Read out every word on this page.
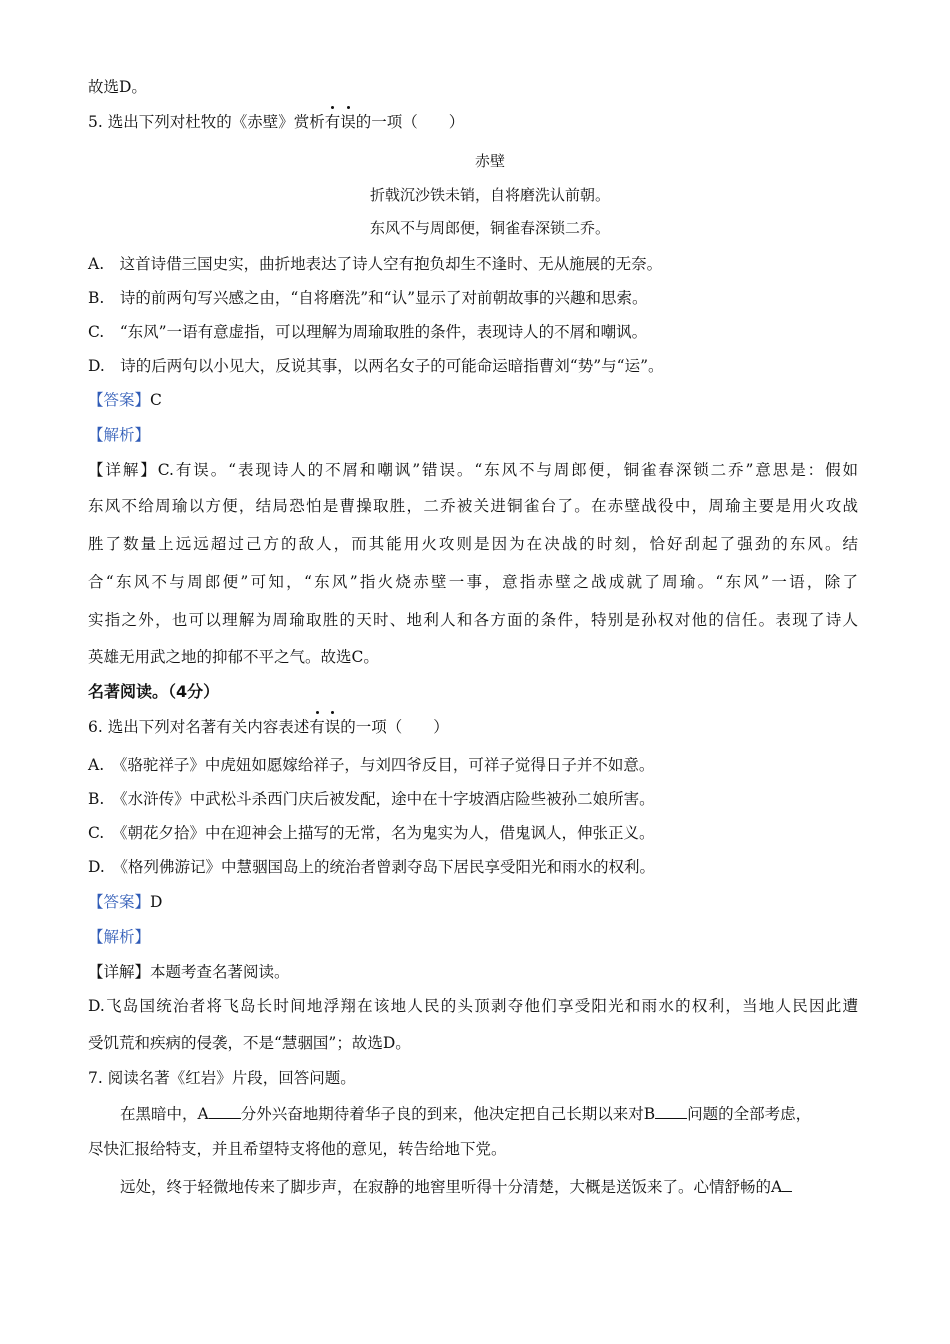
故选D。
5. 选出下列对杜牧的《赤壁》赏析有误的一项（　　）
赤壁
折戟沉沙铁未销，自将磨洗认前朝。
东风不与周郎便，铜雀春深锁二乔。
A.　这首诗借三国史实，曲折地表达了诗人空有抱负却生不逢时、无从施展的无奈。
B.　诗的前两句写兴感之由，“自将磨洗”和“认”显示了对前朝故事的兴趣和思索。
C.　“东风”一语有意虚指，可以理解为周瑜取胜的条件，表现诗人的不屑和嘲讽。
D.　诗的后两句以小见大，反说其事，以两名女子的可能命运暗指曹刘“势”与“运”。
【答案】C
【解析】
【详解】C.有误。“表现诗人的不屑和嘲讽”错误。“东风不与周郎便，铜雀春深锁二乔”意思是：假如
东风不给周瑜以方便，结局恐怕是曹操取胜，二乔被关进铜雀台了。在赤壁战役中，周瑜主要是用火攻战
胜了数量上远远超过己方的敌人，而其能用火攻则是因为在决战的时刻，恰好刮起了强劲的东风。结
合“东风不与周郎便”可知，“东风”指火烧赤壁一事，意指赤壁之战成就了周瑜。“东风”一语，除了
实指之外，也可以理解为周瑜取胜的天时、地利人和各方面的条件，特别是孙权对他的信任。表现了诗人
英雄无用武之地的抑郁不平之气。故选C。
名著阅读。（4分）
6. 选出下列对名著有关内容表述有误的一项（　　）
A.　《骆驼祥子》中虎妞如愿嫁给祥子，与刘四爷反目，可祥子觉得日子并不如意。
B.　《水浒传》中武松斗杀西门庆后被发配，途中在十字坡酒店险些被孙二娘所害。
C.　《朝花夕拾》中在迎神会上描写的无常，名为鬼实为人，借鬼讽人，伸张正义。
D.　《格列佛游记》中慧骃国岛上的统治者曾剥夺岛下居民享受阳光和雨水的权利。
【答案】D
【解析】
【详解】本题考查名著阅读。
D.飞岛国统治者将飞岛长时间地浮翔在该地人民的头顶剥夺他们享受阳光和雨水的权利，当地人民因此遭
受饥荒和疾病的侵袭，不是“慧骃国”；故选D。
7. 阅读名著《红岩》片段，回答问题。
在黑暗中，A 分外兴奋地期待着华子良的到来，他决定把自己长期以来对B 问题的全部考虑，
尽快汇报给特支，并且希望特支将他的意见，转告给地下党。
远处，终于轻微地传来了脚步声，在寂静的地窖里听得十分清楚，大概是送饭来了。心情舒畅的A
